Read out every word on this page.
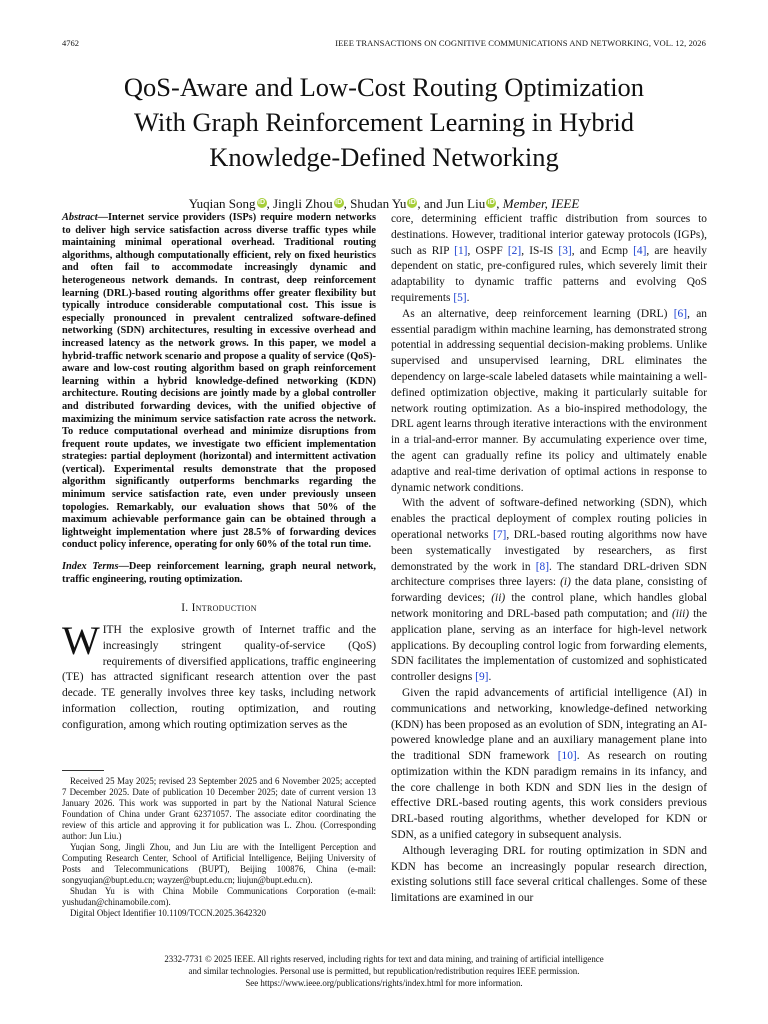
4762	IEEE TRANSACTIONS ON COGNITIVE COMMUNICATIONS AND NETWORKING, VOL. 12, 2026
QoS-Aware and Low-Cost Routing Optimization
With Graph Reinforcement Learning in Hybrid
Knowledge-Defined Networking
Yuqian Song iD , Jingli Zhou iD , Shudan Yu iD , and Jun Liu iD , Member, IEEE

Abstract—Internet service providers (ISPs) require modern networks to deliver high service satisfaction across diverse traffic types while maintaining minimal operational overhead. Traditional routing algorithms, although computationally efficient, rely on fixed heuristics and often fail to accommodate increasingly dynamic and heterogeneous network demands. In contrast, deep reinforcement learning (DRL)-based routing algorithms offer greater flexibility but typically introduce considerable computational cost. This issue is especially pronounced in prevalent centralized software-defined networking (SDN) architectures, resulting in excessive overhead and increased latency as the network grows. In this paper, we model a hybrid-traffic network scenario and propose a quality of service (QoS)-aware and low-cost routing algorithm based on graph reinforcement learning within a hybrid knowledge-defined networking (KDN) architecture. Routing decisions are jointly made by a global controller and distributed forwarding devices, with the unified objective of maximizing the minimum service satisfaction rate across the network. To reduce computational overhead and minimize disruptions from frequent route updates, we investigate two efficient implementation strategies: partial deployment (horizontal) and intermittent activation (vertical). Experimental results demonstrate that the proposed algorithm significantly outperforms benchmarks regarding the minimum service satisfaction rate, even under previously unseen topologies. Remarkably, our evaluation shows that 50% of the maximum achievable performance gain can be obtained through a lightweight implementation where just 28.5% of forwarding devices conduct policy inference, operating for only 60% of the total run time.

Index Terms—Deep reinforcement learning, graph neural network, traffic engineering, routing optimization.

I. Introduction

WITH the explosive growth of Internet traffic and the increasingly stringent quality-of-service (QoS) requirements of diversified applications, traffic engineering (TE) has attracted significant research attention over the past decade. TE generally involves three key tasks, including network information collection, routing optimization, and routing configuration, among which routing optimization serves as the

Received 25 May 2025; revised 23 September 2025 and 6 November 2025; accepted 7 December 2025. Date of publication 10 December 2025; date of current version 13 January 2026. This work was supported in part by the National Natural Science Foundation of China under Grant 62371057. The associate editor coordinating the review of this article and approving it for publication was L. Zhou. (Corresponding author: Jun Liu.)

Yuqian Song, Jingli Zhou, and Jun Liu are with the Intelligent Perception and Computing Research Center, School of Artificial Intelligence, Beijing University of Posts and Telecommunications (BUPT), Beijing 100876, China (e-mail: songyuqian@bupt.edu.cn; wayzer@bupt.edu.cn; liujun@bupt.edu.cn).

Shudan Yu is with China Mobile Communications Corporation (e-mail: yushudan@chinamobile.com).

Digital Object Identifier 10.1109/TCCN.2025.3642320

core, determining efficient traffic distribution from sources to destinations. However, traditional interior gateway protocols (IGPs), such as RIP [1], OSPF [2], IS-IS [3], and Ecmp [4], are heavily dependent on static, pre-configured rules, which severely limit their adaptability to dynamic traffic patterns and evolving QoS requirements [5].

As an alternative, deep reinforcement learning (DRL) [6], an essential paradigm within machine learning, has demonstrated strong potential in addressing sequential decision-making problems. Unlike supervised and unsupervised learning, DRL eliminates the dependency on large-scale labeled datasets while maintaining a well-defined optimization objective, making it particularly suitable for network routing optimization. As a bio-inspired methodology, the DRL agent learns through iterative interactions with the environment in a trial-and-error manner. By accumulating experience over time, the agent can gradually refine its policy and ultimately enable adaptive and real-time derivation of optimal actions in response to dynamic network conditions.

With the advent of software-defined networking (SDN), which enables the practical deployment of complex routing policies in operational networks [7], DRL-based routing algorithms now have been systematically investigated by researchers, as first demonstrated by the work in [8]. The standard DRL-driven SDN architecture comprises three layers: (i) the data plane, consisting of forwarding devices; (ii) the control plane, which handles global network monitoring and DRL-based path computation; and (iii) the application plane, serving as an interface for high-level network applications. By decoupling control logic from forwarding elements, SDN facilitates the implementation of customized and sophisticated controller designs [9].

Given the rapid advancements of artificial intelligence (AI) in communications and networking, knowledge-defined networking (KDN) has been proposed as an evolution of SDN, integrating an AI-powered knowledge plane and an auxiliary management plane into the traditional SDN framework [10]. As research on routing optimization within the KDN paradigm remains in its infancy, and the core challenge in both KDN and SDN lies in the design of effective DRL-based routing agents, this work considers previous DRL-based routing algorithms, whether developed for KDN or SDN, as a unified category in subsequent analysis.

Although leveraging DRL for routing optimization in SDN and KDN has become an increasingly popular research direction, existing solutions still face several critical challenges. Some of these limitations are examined in our

2332-7731 © 2025 IEEE. All rights reserved, including rights for text and data mining, and training of artificial intelligence
and similar technologies. Personal use is permitted, but republication/redistribution requires IEEE permission.
See https://www.ieee.org/publications/rights/index.html for more information.
